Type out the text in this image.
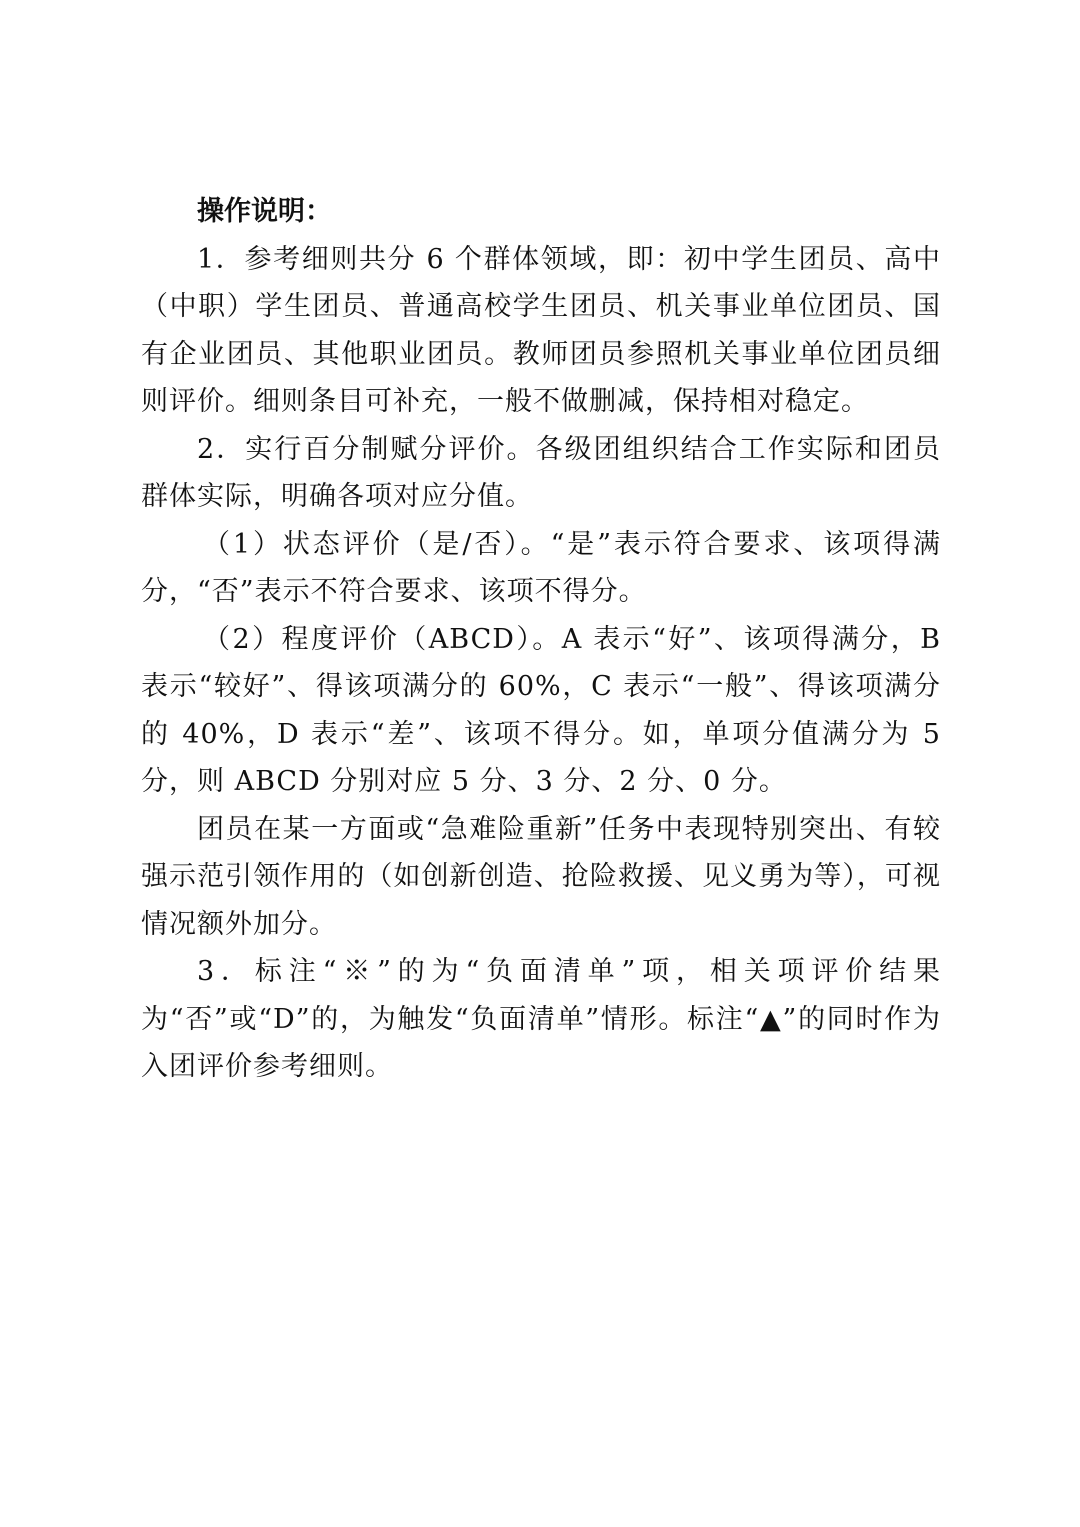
操作说明：

1．参考细则共分 6 个群体领域，即：初中学生团员、高中（中职）学生团员、普通高校学生团员、机关事业单位团员、国有企业团员、其他职业团员。教师团员参照机关事业单位团员细则评价。细则条目可补充，一般不做删减，保持相对稳定。

2．实行百分制赋分评价。各级团组织结合工作实际和团员群体实际，明确各项对应分值。

（1）状态评价（是/否）。“是”表示符合要求、该项得满分，“否”表示不符合要求、该项不得分。

（2）程度评价（ABCD）。A 表示“好”、该项得满分，B 表示“较好”、得该项满分的 60%，C 表示“一般”、得该项满分的 40%，D 表示“差”、该项不得分。如，单项分值满分为 5 分，则 ABCD 分别对应 5 分、3 分、2 分、0 分。

团员在某一方面或“急难险重新”任务中表现特别突出、有较强示范引领作用的（如创新创造、抢险救援、见义勇为等），可视情况额外加分。

3．标注“※”的为“负面清单”项，相关项评价结果为“否”或“D”的，为触发“负面清单”情形。标注“▲”的同时作为入团评价参考细则。
